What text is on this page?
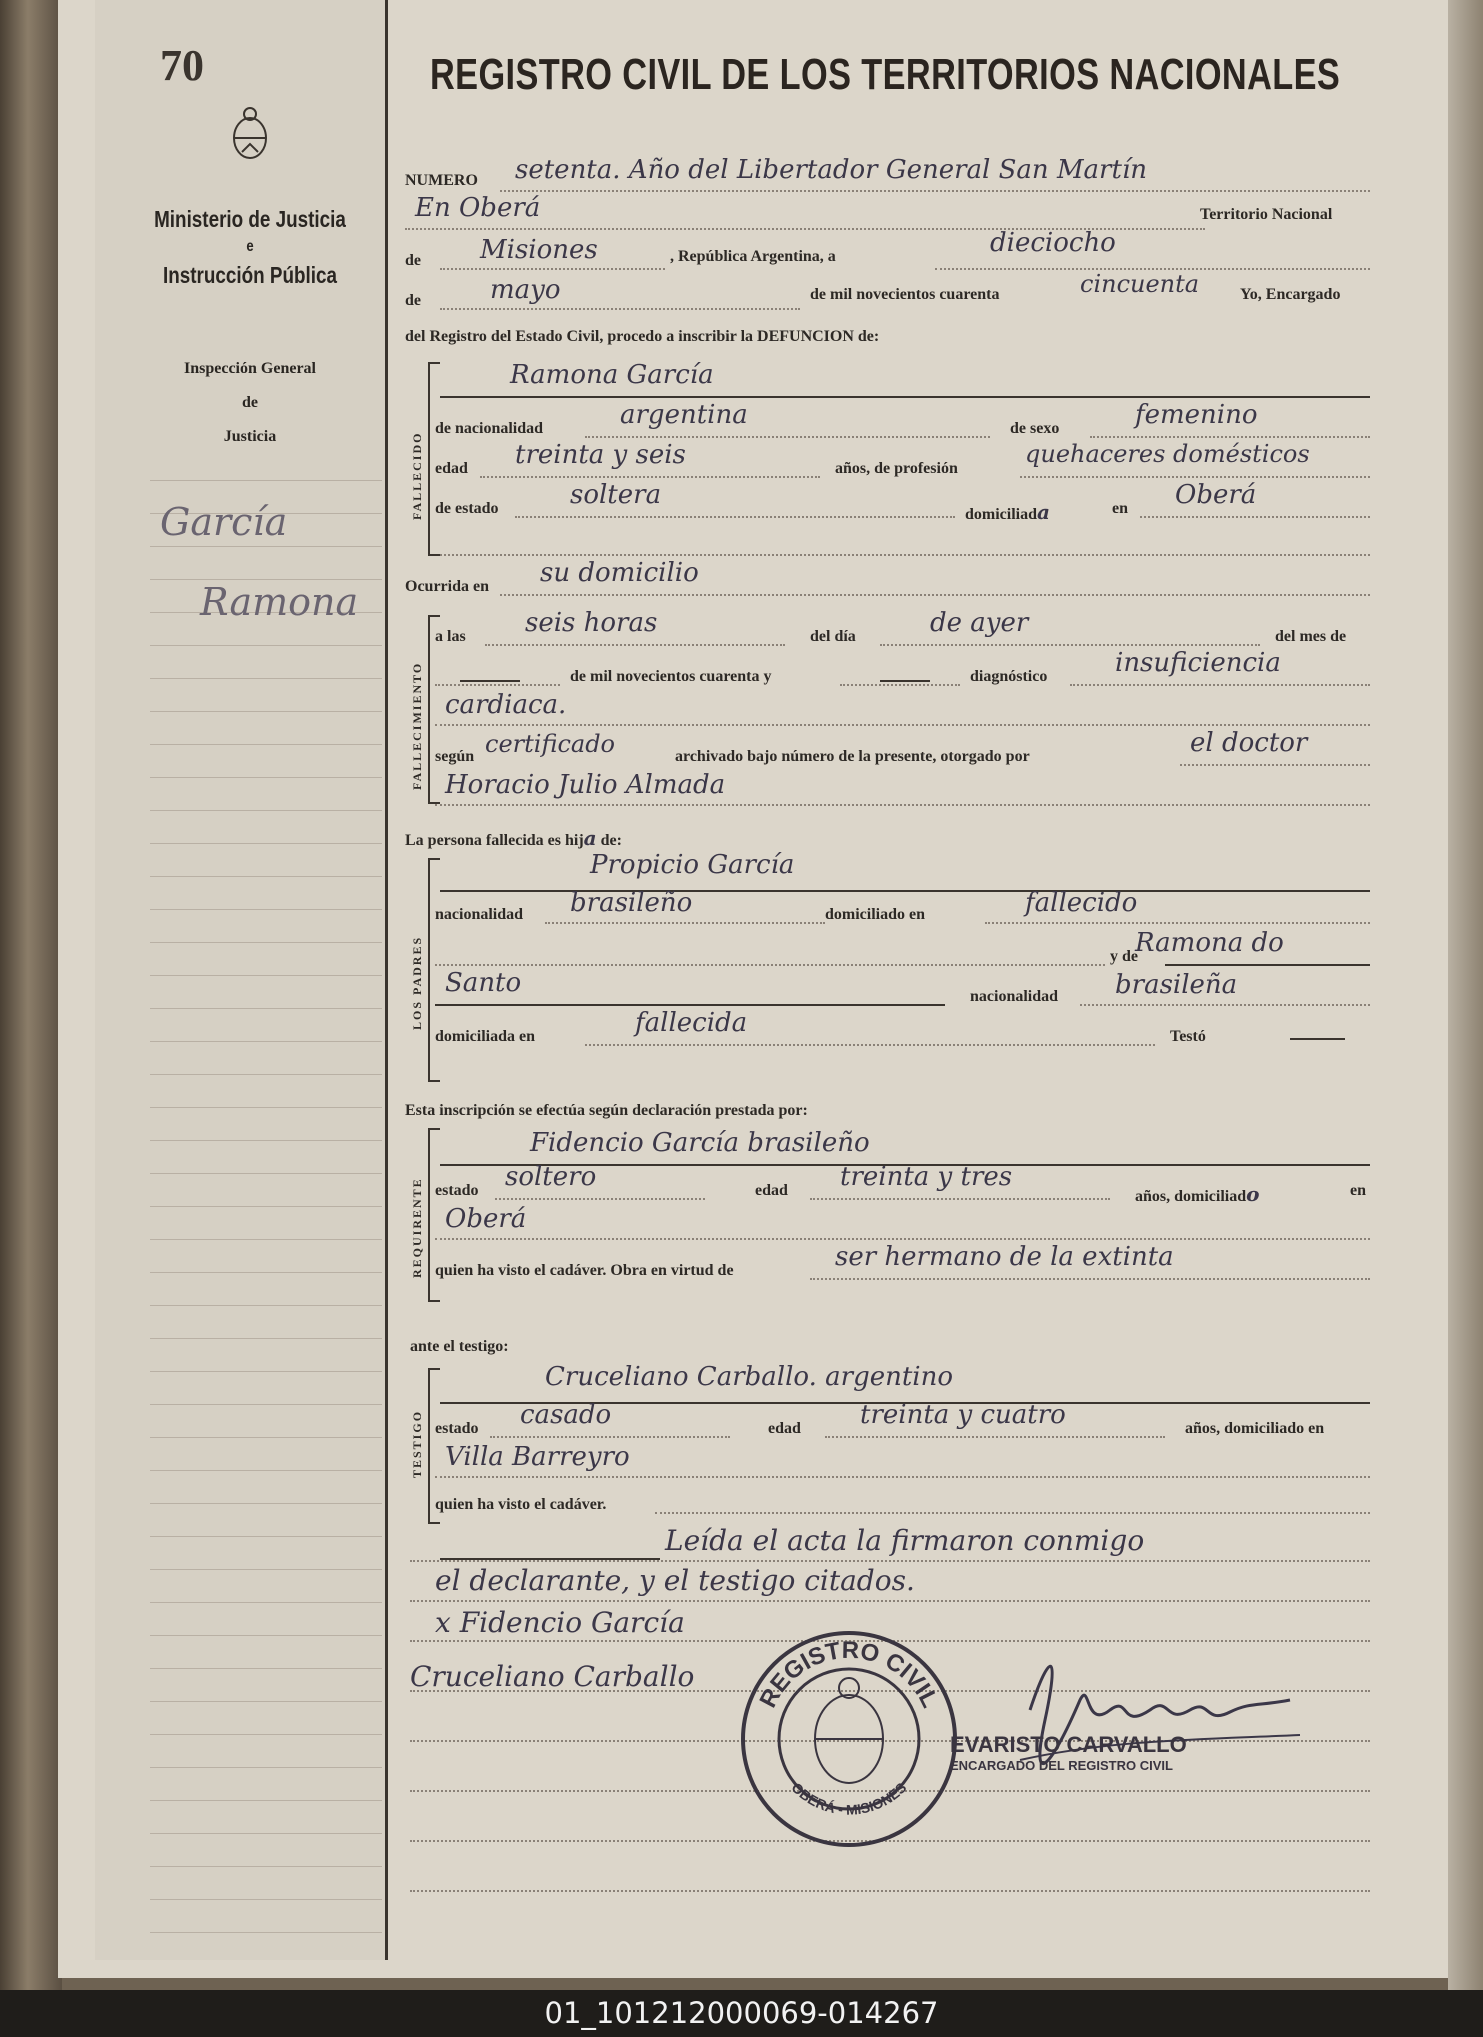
70
Ministerio de Justicia
e
Instrucción Pública
Inspección General
de
Justicia
García
Ramona
REGISTRO CIVIL DE LOS TERRITORIOS NACIONALES
NUMERO setenta. Año del Libertador General San Martín
En Oberá	Territorio Nacional
de Misiones	, República Argentina, a	dieciocho
de	mayo	de mil novecientos cuarenta	cincuenta	Yo, Encargado
del Registro del Estado Civil, procedo a inscribir la DEFUNCION de:
FALLECIDO
Ramona García
de nacionalidad	argentina	de sexo	femenino
edad treinta y seis	años, de profesión
quehaceres domésticos
de estado	soltera
domiciliada	en Oberá
Ocurrida en su domicilio
FALLECIMIENTO
a las seis horas	del día	de ayer	del mes de
de mil novecientos cuarenta y	diagnóstico	insuficiencia
cardiaca.
según certificado	archivado bajo número de la presente, otorgado por	el doctor
Horacio Julio Almada
La persona fallecida es hija de:
LOS PADRES
Propicio García
nacionalidad brasileño	domiciliado en	fallecido
y de
Ramona do
Santo	nacionalidad brasileña
domiciliada en	fallecida	Testó
Esta inscripción se efectúa según declaración prestada por:
REQUIRENTE
Fidencio García brasileño
estado soltero	edad treinta y tres
años, domiciliado	en
Oberá
quien ha visto el cadáver. Obra en virtud de	ser hermano de la extinta
ante el testigo:
TESTIGO
Cruceliano Carballo. argentino
estado casado	edad treinta y cuatro	años, domiciliado en
Villa Barreyro
quien ha visto el cadáver.
Leída el acta la firmaron conmigo
el declarante, y el testigo citados.
x Fidencio García
Cruceliano Carballo
REGISTRO CIVIL
OBERÁ - MISIONES
EVARISTO CARVALLO
ENCARGADO DEL REGISTRO CIVIL
01_101212000069-014267
